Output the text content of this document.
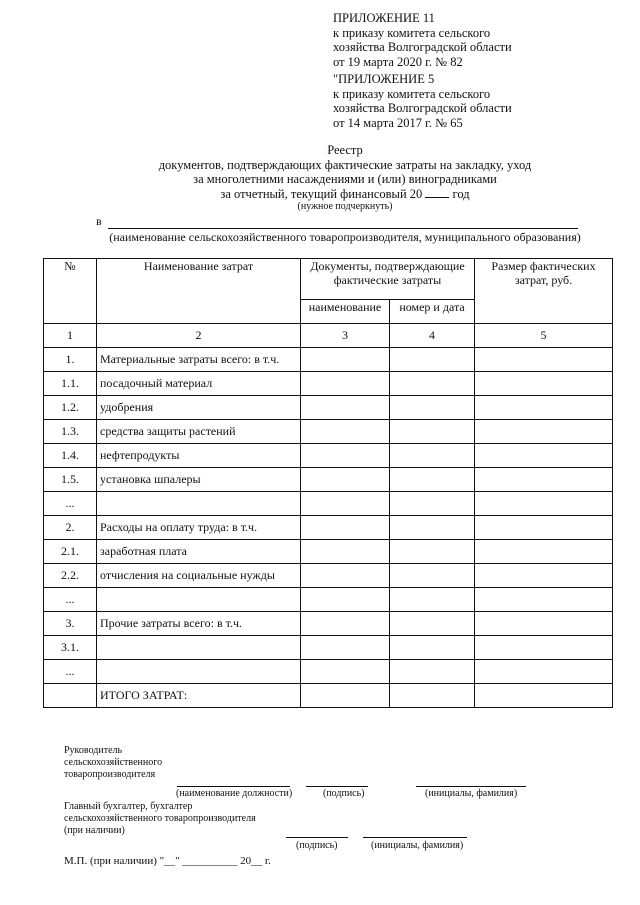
ПРИЛОЖЕНИЕ 11
к приказу комитета сельского
хозяйства Волгоградской области
от 19 марта 2020 г. № 82
"ПРИЛОЖЕНИЕ 5
к приказу комитета сельского
хозяйства Волгоградской области
от 14 марта 2017 г. № 65
Реестр
документов, подтверждающих фактические затраты на закладку, уход
за многолетними насаждениями и (или) виноградниками
за отчетный, текущий финансовый 20 год
(нужное подчеркнуть)
в
(наименование сельскохозяйственного товаропроизводителя, муниципального образования)
№	Наименование затрат	Документы, подтверждающие фактические затраты		Размер фактических затрат, руб.
		наименование	номер и дата	
1	2	3	4	5
1.	Материальные затраты всего: в т.ч.			
1.1.	посадочный материал			
1.2.	удобрения			
1.3.	средства защиты растений			
1.4.	нефтепродукты			
1.5.	установка шпалеры			
...				
2.	Расходы на оплату труда: в т.ч.			
2.1.	заработная плата			
2.2.	отчисления на социальные нужды			
...				
3.	Прочие затраты всего: в т.ч.			
3.1.				
...				
	ИТОГО ЗАТРАТ:			
Руководитель
сельскохозяйственного
товаропроизводителя
(наименование должности)	(подпись)	(инициалы, фамилия)
Главный бухгалтер, бухгалтер
сельскохозяйственного товаропроизводителя
(при наличии)
(подпись)	(инициалы, фамилия)
М.П. (при наличии) "__" __________ 20__ г.
